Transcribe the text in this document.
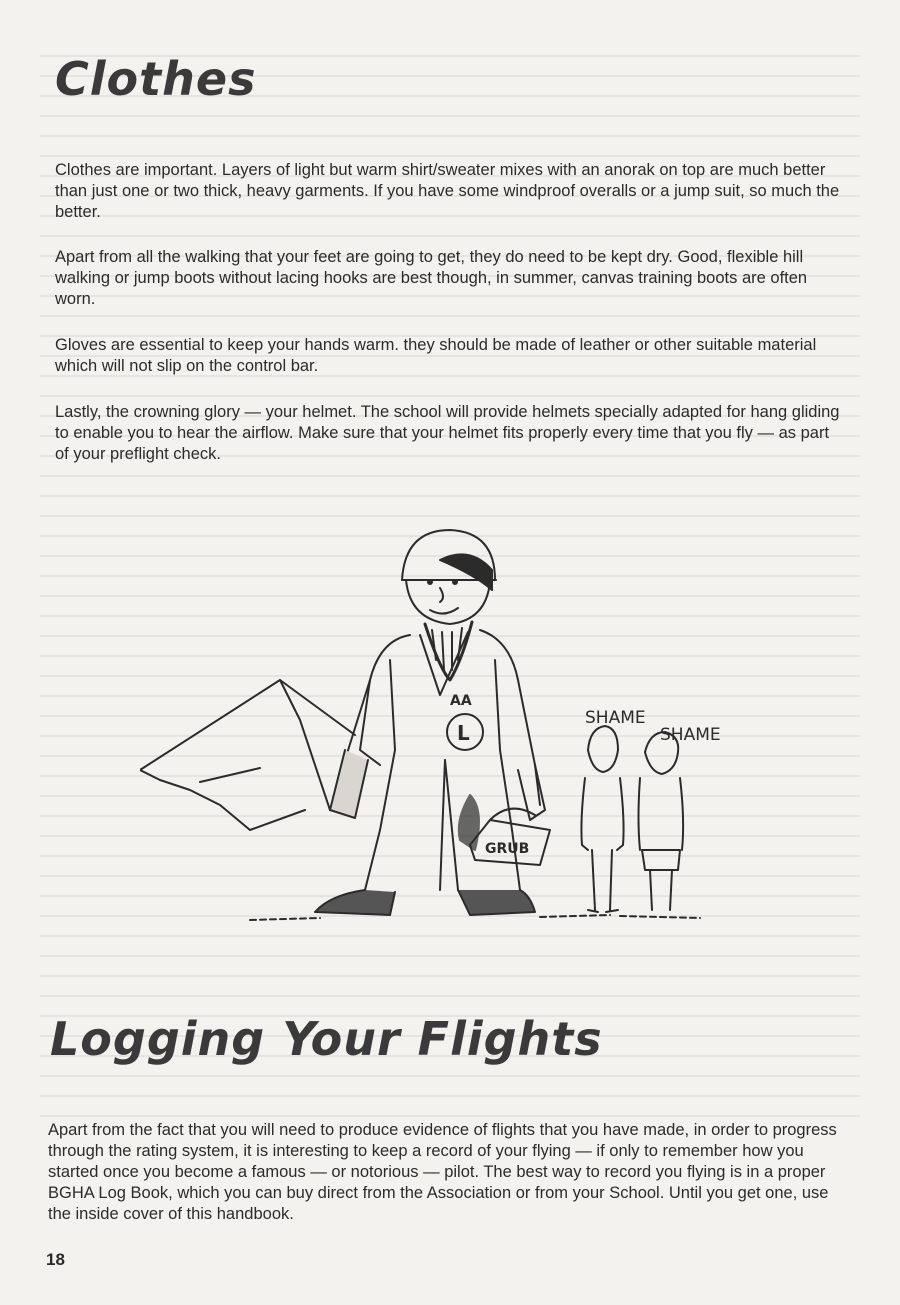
Clothes

Clothes are important. Layers of light but warm shirt/sweater mixes with an anorak on top are much better than just one or two thick, heavy garments. If you have some windproof overalls or a jump suit, so much the better.

Apart from all the walking that your feet are going to get, they do need to be kept dry. Good, flexible hill walking or jump boots without lacing hooks are best though, in summer, canvas training boots are often worn.

Gloves are essential to keep your hands warm. they should be made of leather or other suitable material which will not slip on the control bar.

Lastly, the crowning glory — your helmet. The school will provide helmets specially adapted for hang gliding to enable you to hear the airflow. Make sure that your helmet fits properly every time that you fly — as part of your preflight check.

AA
L
GRUB
SHAME
SHAME
Logging Your Flights

Apart from the fact that you will need to produce evidence of flights that you have made, in order to progress through the rating system, it is interesting to keep a record of your flying — if only to remember how you started once you become a famous — or notorious — pilot. The best way to record you flying is in a proper BGHA Log Book, which you can buy direct from the Association or from your School. Until you get one, use the inside cover of this handbook.

18
